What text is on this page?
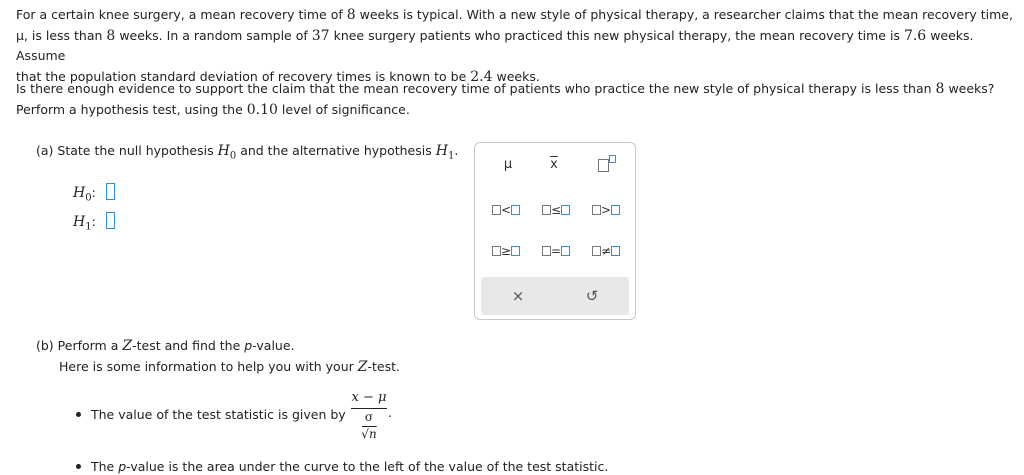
For a certain knee surgery, a mean recovery time of 8 weeks is typical. With a new style of physical therapy, a researcher claims that the mean recovery time,
μ, is less than 8 weeks. In a random sample of 37 knee surgery patients who practiced this new physical therapy, the mean recovery time is 7.6 weeks. Assume
that the population standard deviation of recovery times is known to be 2.4 weeks.
Is there enough evidence to support the claim that the mean recovery time of patients who practice the new style of physical therapy is less than 8 weeks?
Perform a hypothesis test, using the 0.10 level of significance.
(a) State the null hypothesis $H_0$ and the alternative hypothesis $H_1$.
$H_0$:
$H_1$:
μ	$\overline{x}$
<	≤	>
≥	=	≠
×	↺
(b) Perform a Z-test and find the p-value.
Here is some information to help you with your Z-test.
The value of the test statistic is given by
x − μ
σ
√n
.
The p-value is the area under the curve to the left of the value of the test statistic.
